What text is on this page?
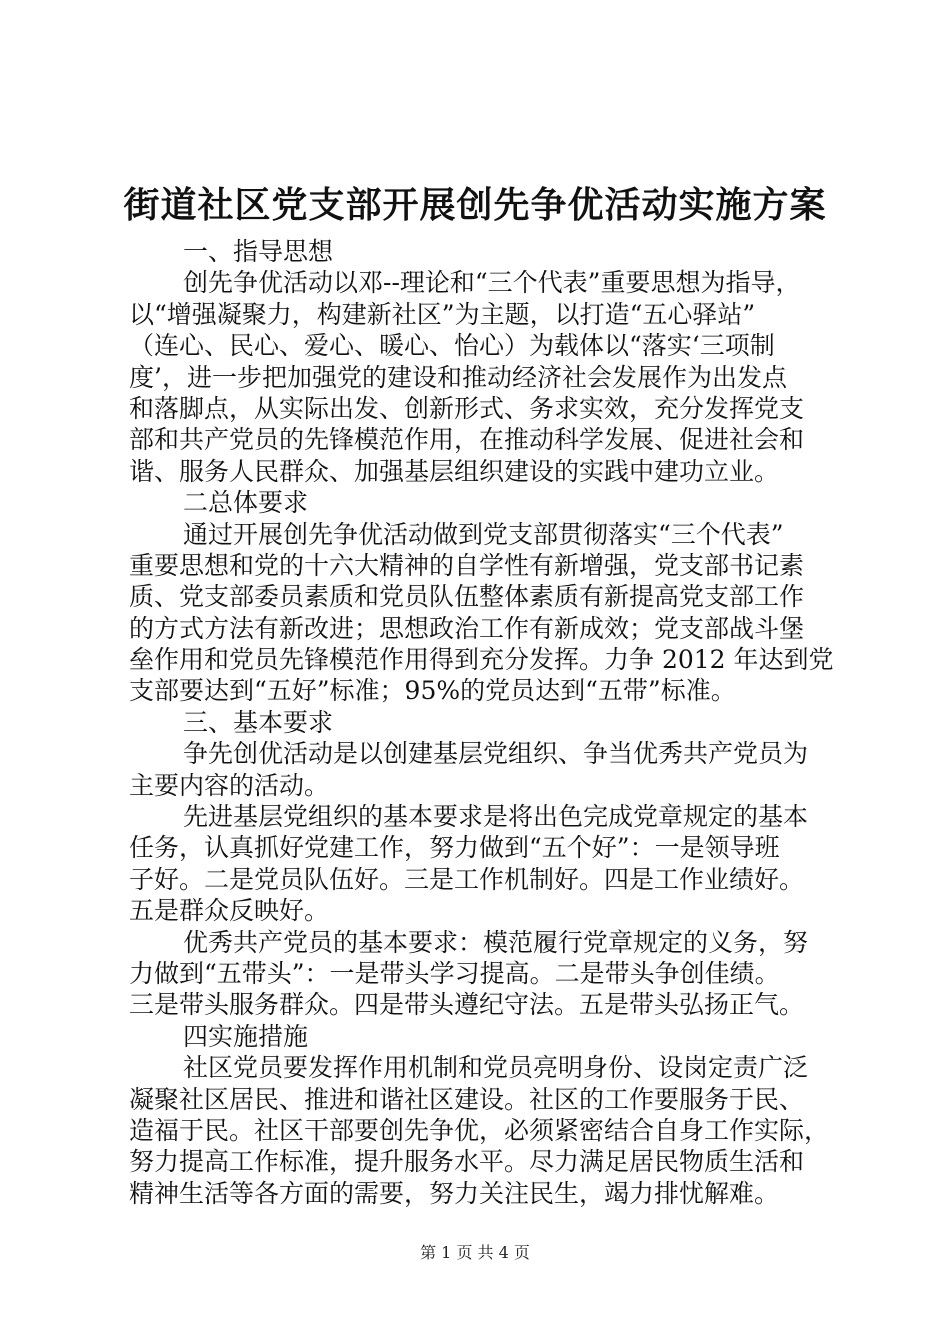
街道社区党支部开展创先争优活动实施方案
一、指导思想
创先争优活动以邓--理论和“三个代表”重要思想为指导，
以“增强凝聚力，构建新社区”为主题，以打造“五心驿站”
（连心、民心、爱心、暖心、怡心）为载体以“落实‘三项制
度’，进一步把加强党的建设和推动经济社会发展作为出发点
和落脚点，从实际出发、创新形式、务求实效，充分发挥党支
部和共产党员的先锋模范作用，在推动科学发展、促进社会和
谐、服务人民群众、加强基层组织建设的实践中建功立业。
二总体要求
通过开展创先争优活动做到党支部贯彻落实“三个代表”
重要思想和党的十六大精神的自学性有新增强，党支部书记素
质、党支部委员素质和党员队伍整体素质有新提高党支部工作
的方式方法有新改进；思想政治工作有新成效；党支部战斗堡
垒作用和党员先锋模范作用得到充分发挥。力争 2012 年达到党
支部要达到“五好”标准；95%的党员达到“五带”标准。
三、基本要求
争先创优活动是以创建基层党组织、争当优秀共产党员为
主要内容的活动。
先进基层党组织的基本要求是将出色完成党章规定的基本
任务，认真抓好党建工作，努力做到“五个好”：一是领导班
子好。二是党员队伍好。三是工作机制好。四是工作业绩好。
五是群众反映好。
优秀共产党员的基本要求：模范履行党章规定的义务，努
力做到“五带头”：一是带头学习提高。二是带头争创佳绩。
三是带头服务群众。四是带头遵纪守法。五是带头弘扬正气。
四实施措施
社区党员要发挥作用机制和党员亮明身份、设岗定责广泛
凝聚社区居民、推进和谐社区建设。社区的工作要服务于民、
造福于民。社区干部要创先争优，必须紧密结合自身工作实际，
努力提高工作标准，提升服务水平。尽力满足居民物质生活和
精神生活等各方面的需要，努力关注民生，竭力排忧解难。
第 1 页 共 4 页
